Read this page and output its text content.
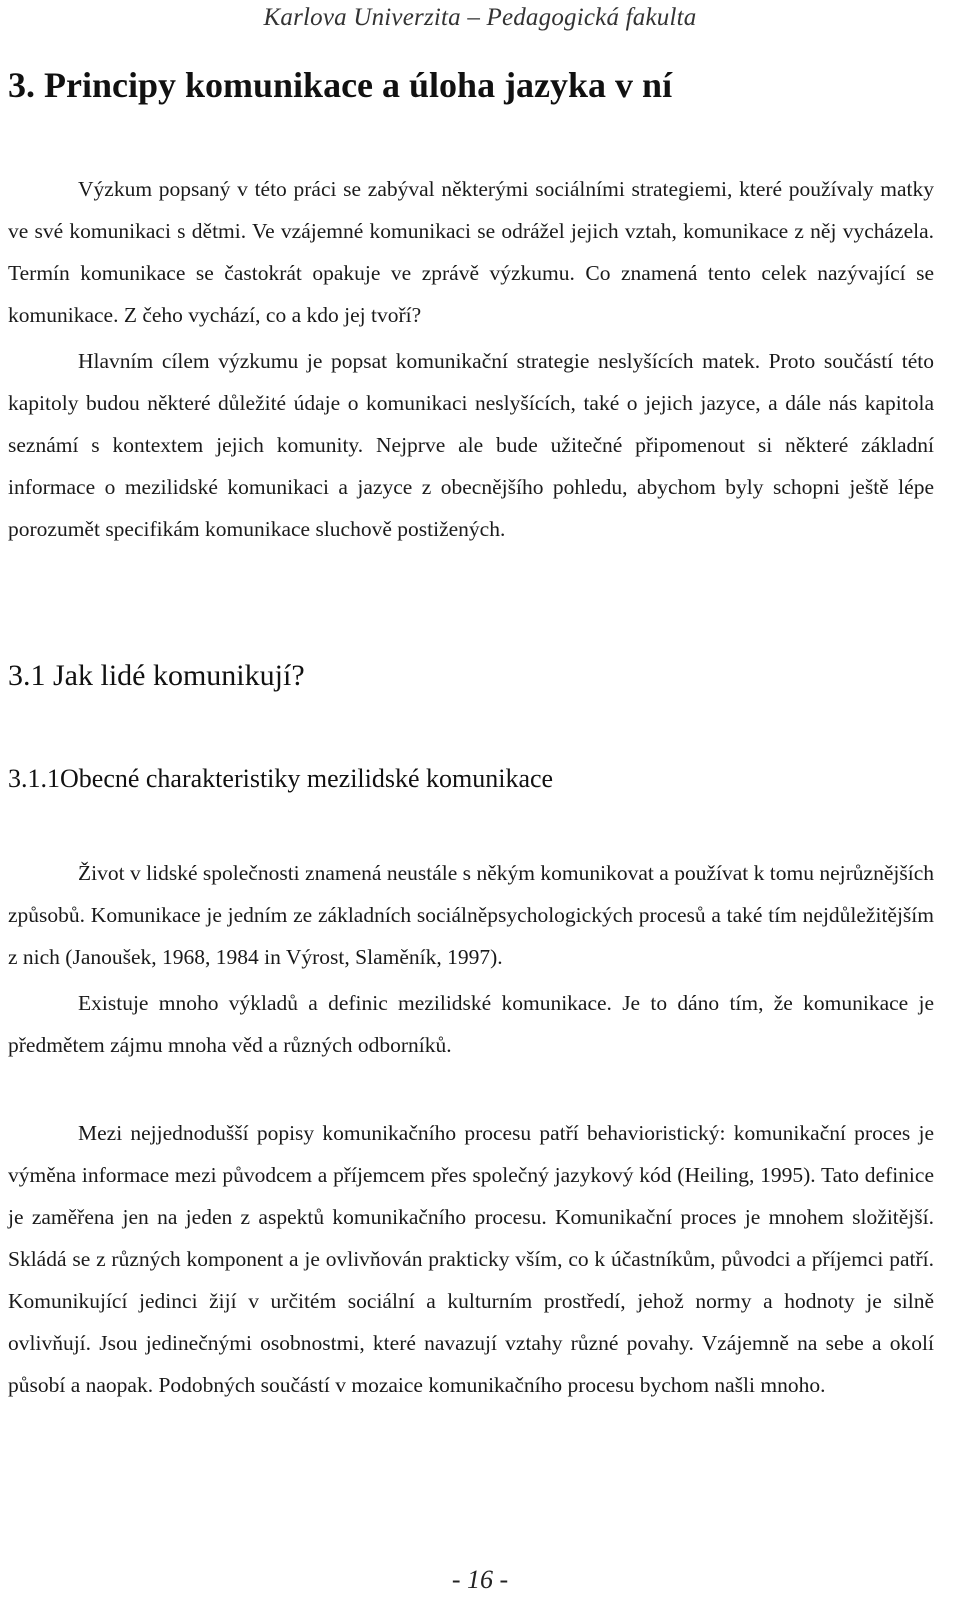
Karlova Univerzita – Pedagogická fakulta
3. Principy komunikace a úloha jazyka v ní

Výzkum popsaný v této práci se zabýval některými sociálními strategiemi, které používaly matky ve své komunikaci s dětmi. Ve vzájemné komunikaci se odrážel jejich vztah, komunikace z něj vycházela. Termín komunikace se častokrát opakuje ve zprávě výzkumu. Co znamená tento celek nazývající se komunikace. Z čeho vychází, co a kdo jej tvoří?

Hlavním cílem výzkumu je popsat komunikační strategie neslyšících matek. Proto součástí této kapitoly budou některé důležité údaje o komunikaci neslyšících, také o jejich jazyce, a dále nás kapitola seznámí s kontextem jejich komunity. Nejprve ale bude užitečné připomenout si některé základní informace o mezilidské komunikaci a jazyce z obecnějšího pohledu, abychom byly schopni ještě lépe porozumět specifikám komunikace sluchově postižených.

3.1 Jak lidé komunikují?
3.1.1Obecné charakteristiky mezilidské komunikace

Život v lidské společnosti znamená neustále s někým komunikovat a používat k tomu nejrůznějších způsobů. Komunikace je jedním ze základních sociálněpsychologických procesů a také tím nejdůležitějším z nich (Janoušek, 1968, 1984 in Výrost, Slaměník, 1997).

Existuje mnoho výkladů a definic mezilidské komunikace. Je to dáno tím, že komunikace je předmětem zájmu mnoha věd a různých odborníků.

Mezi nejjednodušší popisy komunikačního procesu patří behavioristický: komunikační proces je výměna informace mezi původcem a příjemcem přes společný jazykový kód (Heiling, 1995). Tato definice je zaměřena jen na jeden z aspektů komunikačního procesu. Komunikační proces je mnohem složitější. Skládá se z různých komponent a je ovlivňován prakticky vším, co k účastníkům, původci a příjemci patří. Komunikující jedinci žijí v určitém sociální a kulturním prostředí, jehož normy a hodnoty je silně ovlivňují. Jsou jedinečnými osobnostmi, které navazují vztahy různé povahy. Vzájemně na sebe a okolí působí a naopak. Podobných součástí v mozaice komunikačního procesu bychom našli mnoho.

- 16 -
